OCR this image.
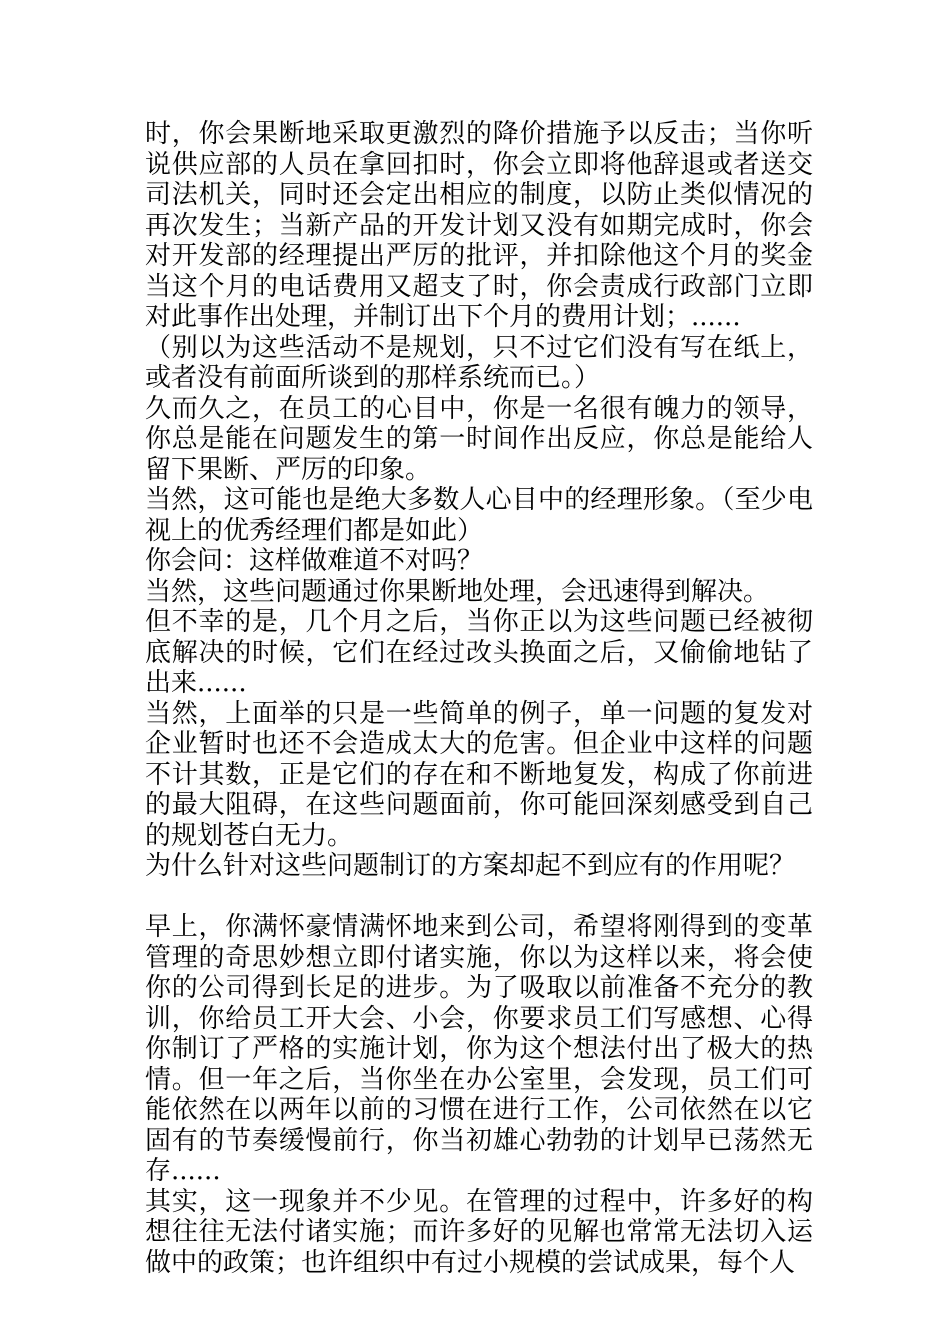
时，你会果断地采取更激烈的降价措施予以反击；当你听说供应部的人员在拿回扣时，你会立即将他辞退或者送交司法机关，同时还会定出相应的制度，以防止类似情况的再次发生；当新产品的开发计划又没有如期完成时，你会对开发部的经理提出严厉的批评，并扣除他这个月的奖金当这个月的电话费用又超支了时，你会责成行政部门立即对此事作出处理，并制订出下个月的费用计划；......

（别以为这些活动不是规划，只不过它们没有写在纸上，或者没有前面所谈到的那样系统而已。）

久而久之，在员工的心目中，你是一名很有魄力的领导，你总是能在问题发生的第一时间作出反应，你总是能给人留下果断、严厉的印象。

当然，这可能也是绝大多数人心目中的经理形象。（至少电视上的优秀经理们都是如此）

你会问：这样做难道不对吗？

当然，这些问题通过你果断地处理，会迅速得到解决。

但不幸的是，几个月之后，当你正以为这些问题已经被彻底解决的时候，它们在经过改头换面之后，又偷偷地钻了出来......

当然，上面举的只是一些简单的例子，单一问题的复发对企业暂时也还不会造成太大的危害。但企业中这样的问题不计其数，正是它们的存在和不断地复发，构成了你前进的最大阻碍，在这些问题面前，你可能回深刻感受到自己的规划苍白无力。

为什么针对这些问题制订的方案却起不到应有的作用呢？

早上，你满怀豪情满怀地来到公司，希望将刚得到的变革管理的奇思妙想立即付诸实施，你以为这样以来，将会使你的公司得到长足的进步。为了吸取以前准备不充分的教训，你给员工开大会、小会，你要求员工们写感想、心得你制订了严格的实施计划，你为这个想法付出了极大的热情。但一年之后，当你坐在办公室里，会发现，员工们可能依然在以两年以前的习惯在进行工作，公司依然在以它固有的节奏缓慢前行，你当初雄心勃勃的计划早已荡然无存......

其实，这一现象并不少见。在管理的过程中，许多好的构想往往无法付诸实施；而许多好的见解也常常无法切入运做中的政策；也许组织中有过小规模的尝试成果，每个人
